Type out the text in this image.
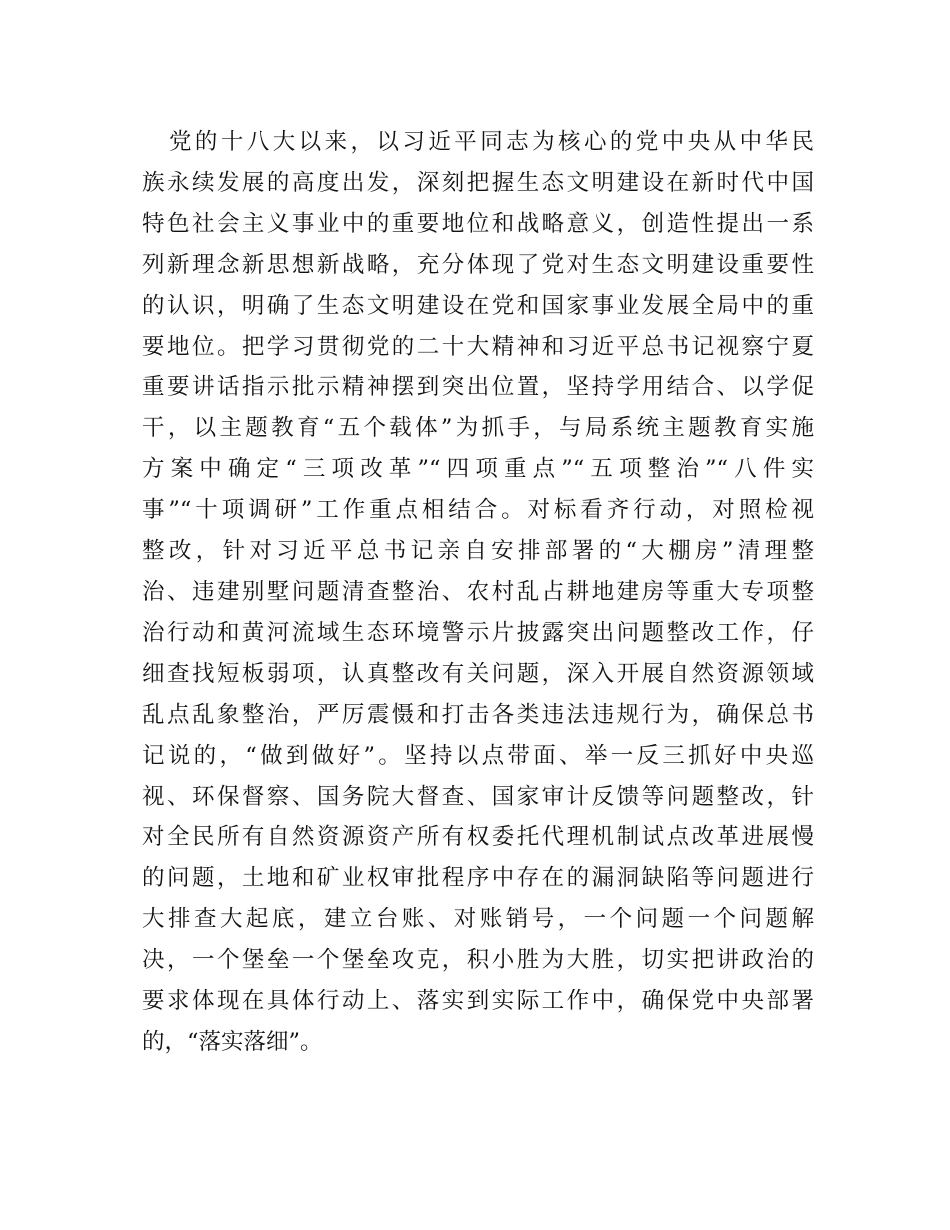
党的十八大以来，以习近平同志为核心的党中央从中华民
族永续发展的高度出发，深刻把握生态文明建设在新时代中国
特色社会主义事业中的重要地位和战略意义，创造性提出一系
列新理念新思想新战略，充分体现了党对生态文明建设重要性
的认识，明确了生态文明建设在党和国家事业发展全局中的重
要地位。把学习贯彻党的二十大精神和习近平总书记视察宁夏
重要讲话指示批示精神摆到突出位置，坚持学用结合、以学促
干，以主题教育“五个载体”为抓手，与局系统主题教育实施
方案中确定“三项改革”“四项重点”“五项整治”“八件实
事”“十项调研”工作重点相结合。对标看齐行动，对照检视
整改，针对习近平总书记亲自安排部署的“大棚房”清理整
治、违建别墅问题清查整治、农村乱占耕地建房等重大专项整
治行动和黄河流域生态环境警示片披露突出问题整改工作，仔
细查找短板弱项，认真整改有关问题，深入开展自然资源领域
乱点乱象整治，严厉震慑和打击各类违法违规行为，确保总书
记说的，“做到做好”。坚持以点带面、举一反三抓好中央巡
视、环保督察、国务院大督查、国家审计反馈等问题整改，针
对全民所有自然资源资产所有权委托代理机制试点改革进展慢
的问题，土地和矿业权审批程序中存在的漏洞缺陷等问题进行
大排查大起底，建立台账、对账销号，一个问题一个问题解
决，一个堡垒一个堡垒攻克，积小胜为大胜，切实把讲政治的
要求体现在具体行动上、落实到实际工作中，确保党中央部署
的，“落实落细”。
